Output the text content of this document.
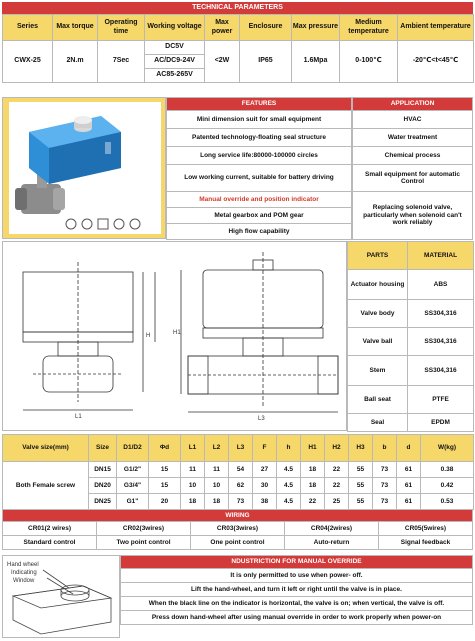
TECHNICAL PARAMETERS
Series	Max torque	Operating time	Working voltage	Max power	Enclosure	Max pressure	Medium temperature	Ambient temperature
CWX-25	2N.m	7Sec	DC5V	<2W	IP65	1.6Mpa	0-100℃	-20℃<t<45℃
			AC/DC9-24V					
			AC85-265V					
FEATURES
Mini dimension suit for small equipment
Patented technology-floating seal structure
Long service life:80000-100000 circles
Low working current, suitable for battery driving
Manual override and position indicator
Metal gearbox and POM gear
High flow capability
APPLICATION
HVAC
Water treatment
Chemical process
Small equipment for automatic Control
Replacing solenoid valve, particularly when solenoid can't work reliably
L1	L3
H	H1
PARTS	MATERIAL
Actuator housing	ABS
Valve body	SS304,316
Valve ball	SS304,316
Stem	SS304,316
Ball seat	PTFE
Seal	EPDM
Valve size(mm)	Size	D1/D2	Φd	L1	L2	L3	F	h	H1	H2	H3	b	d	W(kg)
Both Female screw	DN15	G1/2"	15	11	11	54	27	4.5	18	22	55	73	61	0.38
	DN20	G3/4"	15	10	10	62	30	4.5	18	22	55	73	61	0.42
	DN25	G1"	20	18	18	73	38	4.5	22	25	55	73	61	0.53
WIRING				
CR01(2 wires)	CR02(3wires)	CR03(3wires)	CR04(2wires)	CR05(5wires)
Standard control	Two point control	One point control	Auto-return	Signal feedback
Hand wheel
Indicating
Window
NDUSTRICTION FOR MANUAL OVERRIDE
It is only permitted to use when power- off.
Lift the hand-wheel, and turn it left or right until the valve is in place.
When the black line on the indicator is horizontal, the valve is on; when vertical, the valve is off.
Press down hand-wheel after using manual override in order to work properly when power-on
